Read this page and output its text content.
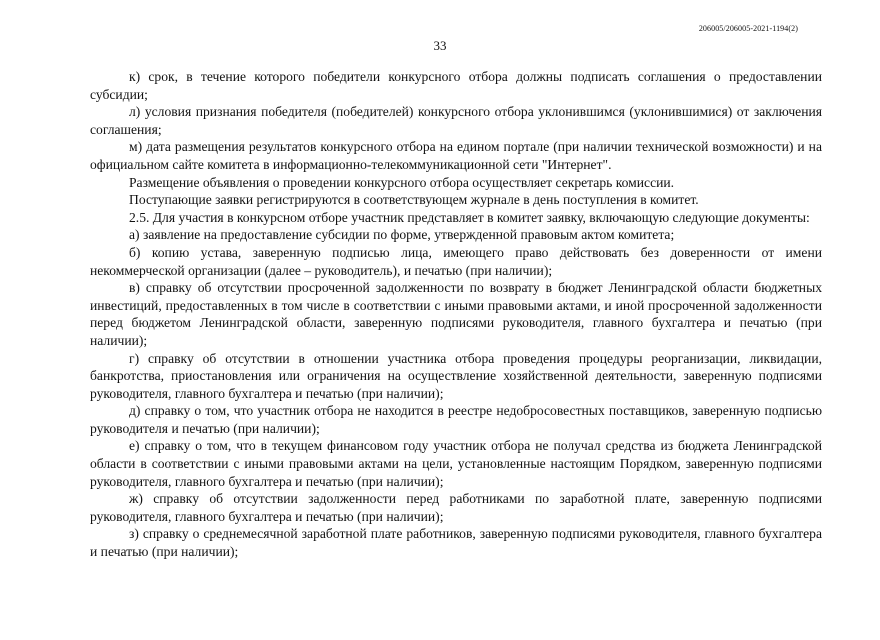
206005/206005-2021-1194(2)
33

к) срок, в течение которого победители конкурсного отбора должны подписать соглашения о предоставлении субсидии;

л) условия признания победителя (победителей) конкурсного отбора уклонившимся (уклонившимися) от заключения соглашения;

м) дата размещения результатов конкурсного отбора на едином портале (при наличии технической возможности) и на официальном сайте комитета в информационно-телекоммуникационной сети "Интернет".

Размещение объявления о проведении конкурсного отбора осуществляет секретарь комиссии.

Поступающие заявки регистрируются в соответствующем журнале в день поступления в комитет.

2.5. Для участия в конкурсном отборе участник представляет в комитет заявку, включающую следующие документы:

а) заявление на предоставление субсидии по форме, утвержденной правовым актом комитета;

б) копию устава, заверенную подписью лица, имеющего право действовать без доверенности от имени некоммерческой организации (далее – руководитель), и печатью (при наличии);

в) справку об отсутствии просроченной задолженности по возврату в бюджет Ленинградской области бюджетных инвестиций, предоставленных в том числе в соответствии с иными правовыми актами, и иной просроченной задолженности перед бюджетом Ленинградской области, заверенную подписями руководителя, главного бухгалтера и печатью (при наличии);

г) справку об отсутствии в отношении участника отбора проведения процедуры реорганизации, ликвидации, банкротства, приостановления или ограничения на осуществление хозяйственной деятельности, заверенную подписями руководителя, главного бухгалтера и печатью (при наличии);

д) справку о том, что участник отбора не находится в реестре недобросовестных поставщиков, заверенную подписью руководителя и печатью (при наличии);

е) справку о том, что в текущем финансовом году участник отбора не получал средства из бюджета Ленинградской области в соответствии с иными правовыми актами на цели, установленные настоящим Порядком, заверенную подписями руководителя, главного бухгалтера и печатью (при наличии);

ж) справку об отсутствии задолженности перед работниками по заработной плате, заверенную подписями руководителя, главного бухгалтера и печатью (при наличии);

з) справку о среднемесячной заработной плате работников, заверенную подписями руководителя, главного бухгалтера и печатью (при наличии);
